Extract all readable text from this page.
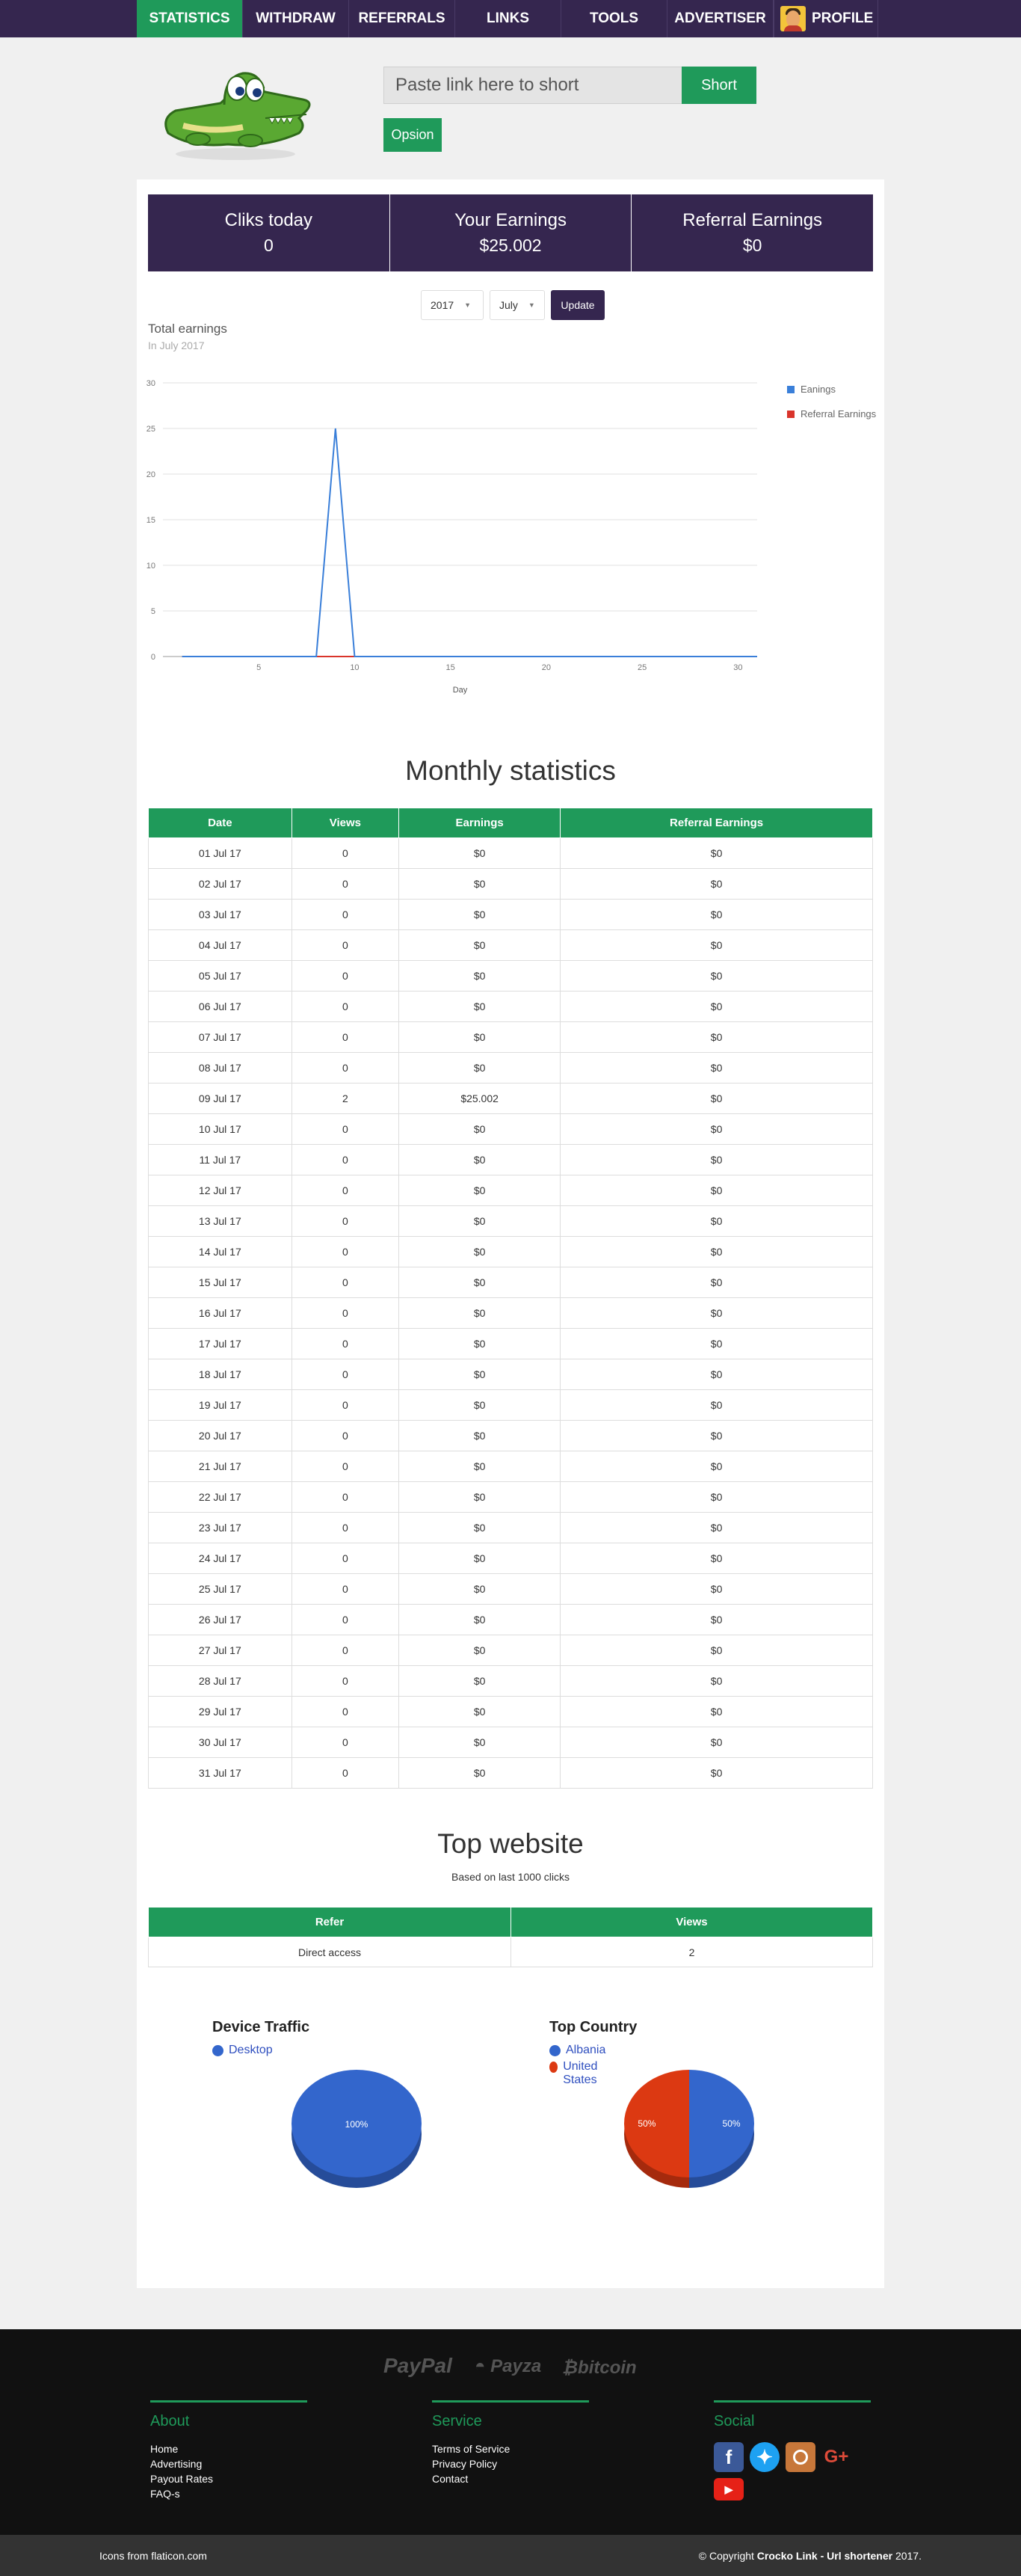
STATISTICS	WITHDRAW	REFERRALS	LINKS	TOOLS	ADVERTISER	PROFILE
Paste link here to short
Short
Opsion
Cliks today
0
Your Earnings
$25.002
Referral Earnings
$0
2017 ▼	July ▼	Update
Total earnings
In July 2017
0
5
10
15
20
25
30
5	10	15	20	25	30
Day
Eanings
Referral Earnings
Monthly statistics
Date	Views	Earnings	Referral Earnings
01 Jul 17	0	$0	$0
02 Jul 17	0	$0	$0
03 Jul 17	0	$0	$0
04 Jul 17	0	$0	$0
05 Jul 17	0	$0	$0
06 Jul 17	0	$0	$0
07 Jul 17	0	$0	$0
08 Jul 17	0	$0	$0
09 Jul 17	2	$25.002	$0
10 Jul 17	0	$0	$0
11 Jul 17	0	$0	$0
12 Jul 17	0	$0	$0
13 Jul 17	0	$0	$0
14 Jul 17	0	$0	$0
15 Jul 17	0	$0	$0
16 Jul 17	0	$0	$0
17 Jul 17	0	$0	$0
18 Jul 17	0	$0	$0
19 Jul 17	0	$0	$0
20 Jul 17	0	$0	$0
21 Jul 17	0	$0	$0
22 Jul 17	0	$0	$0
23 Jul 17	0	$0	$0
24 Jul 17	0	$0	$0
25 Jul 17	0	$0	$0
26 Jul 17	0	$0	$0
27 Jul 17	0	$0	$0
28 Jul 17	0	$0	$0
29 Jul 17	0	$0	$0
30 Jul 17	0	$0	$0
31 Jul 17	0	$0	$0
Top website
Based on last 1000 clicks
Refer	Views
Direct access	2
Device Traffic
Desktop
100%
Top Country
Albania
United States
50%
50%
PayPal ◓ Payza ₿bitcoin
About
Home
Advertising
Payout Rates
FAQ-s
Service
Terms of Service
Privacy Policy
Contact
Social
f	✦	G+
▶
Icons from flaticon.com	© Copyright Crocko Link - Url shortener 2017.
